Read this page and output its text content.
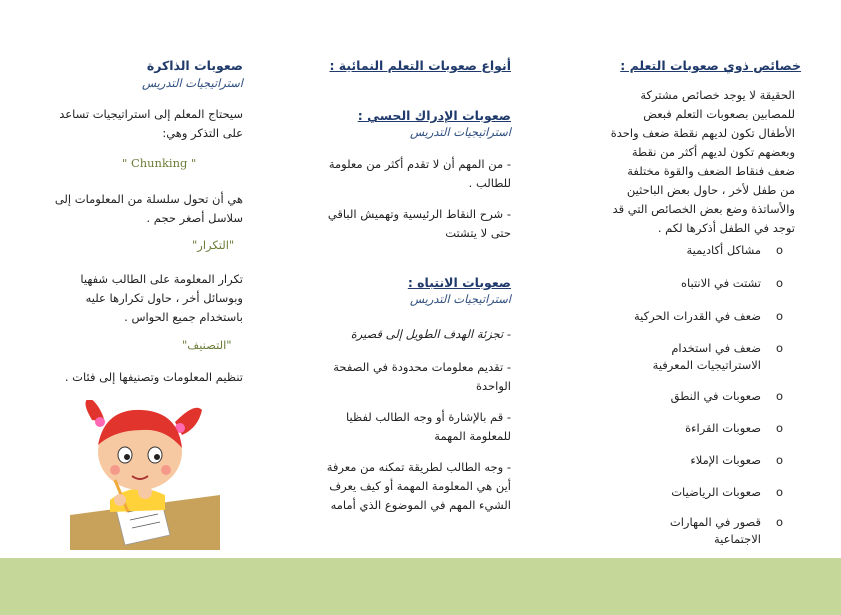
خصائص ذوي صعوبات التعلم :

الحقيقة لا يوجد خصائص مشتركة للمصابين بصعوبات التعلم فبعض الأطفال تكون لديهم نقطة ضعف واحدة وبعضهم تكون لديهم أكثر من نقطة ضعف فنقاط الضعف والقوة مختلفة من طفل لأخر ، حاول بعض الباحثين والأساتذة وضع بعض الخصائص التي قد توجد في الطفل أذكرها لكم .

o مشاكل أكاديمية

o تشتت في الانتباه

o ضعف في القدرات الحركية

o ضعف في استخدام الاستراتيجيات المعرفية

o صعوبات في النطق

o صعوبات القراءة

o صعوبات الإملاء

o صعوبات الرياضيات

o قصور في المهارات الاجتماعية

أنواع صعوبات التعلم النمائية :

صعوبات الإدراك الحسي :

استراتيجيات التدريس

- من المهم أن لا تقدم أكثر من معلومة للطالب .

- شرح النقاط الرئيسية وتهميش الباقي حتى لا يتشتت

صعوبات الانتباه :

استراتيجيات التدريس

- تجزئة الهدف الطويل إلى قصيرة

- تقديم معلومات محدودة في الصفحة الواحدة

- قم بالإشارة أو وجه الطالب لفظيا للمعلومة المهمة

- وجه الطالب لطريقة تمكنه من معرفة أين هي المعلومة المهمة أو كيف يعرف الشيء المهم في الموضوع الذي أمامه

صعوبات الذاكرة

استراتيجيات التدريس

سيحتاج المعلم إلى استراتيجيات تساعد على التذكر وهي:

" Chunking "

هي أن تحول سلسلة من المعلومات إلى سلاسل أصغر حجم .

"التكرار"

تكرار المعلومة على الطالب شفهيا وبوسائل أخر ، حاول تكرارها عليه باستخدام جميع الحواس .

"التصنيف"

تنظيم المعلومات وتصنيفها إلى فئات .
